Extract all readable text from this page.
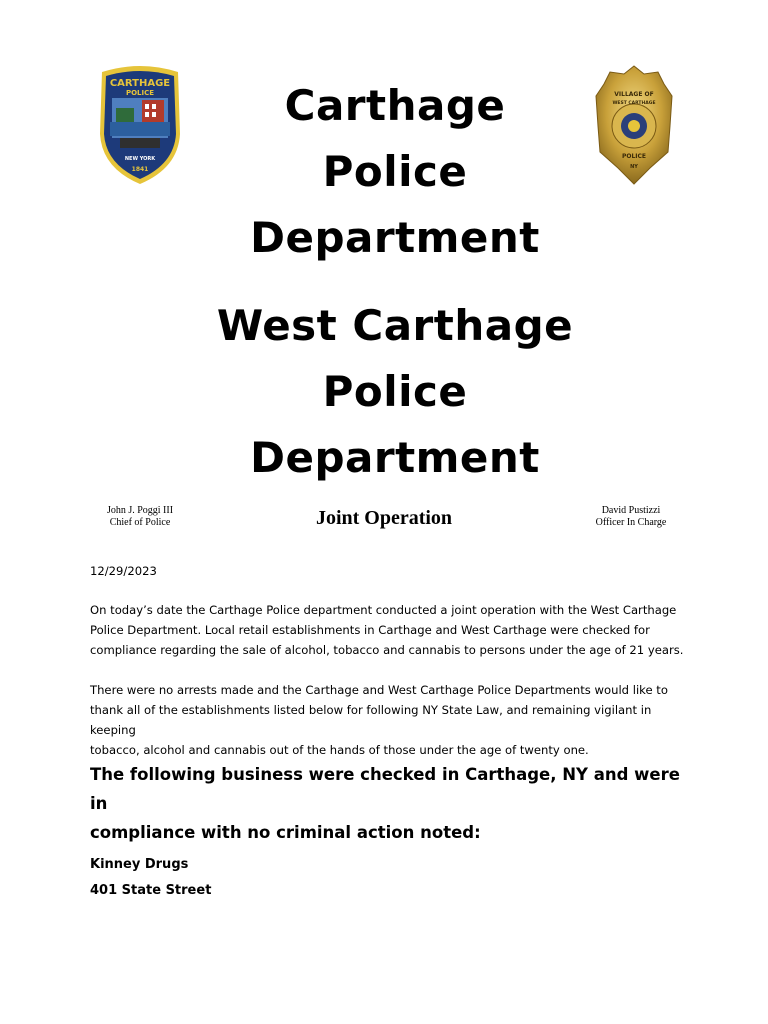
CARTHAGE
POLICE
NEW YORK
1841
VILLAGE OF
WEST CARTHAGE
POLICE
NY
Carthage
Police
Department
West Carthage
Police
Department
John J. Poggi III
Chief of Police	Joint Operation	David Pustizzi
Officer In Charge
12/29/2023
On today’s date the Carthage Police department conducted a joint operation with the West Carthage
Police Department. Local retail establishments in Carthage and West Carthage were checked for
compliance regarding the sale of alcohol, tobacco and cannabis to persons under the age of 21 years.
There were no arrests made and the Carthage and West Carthage Police Departments would like to
thank all of the establishments listed below for following NY State Law, and remaining vigilant in keeping
tobacco, alcohol and cannabis out of the hands of those under the age of twenty one.
The following business were checked in Carthage, NY and were in
compliance with no criminal action noted:
Kinney Drugs
401 State Street
